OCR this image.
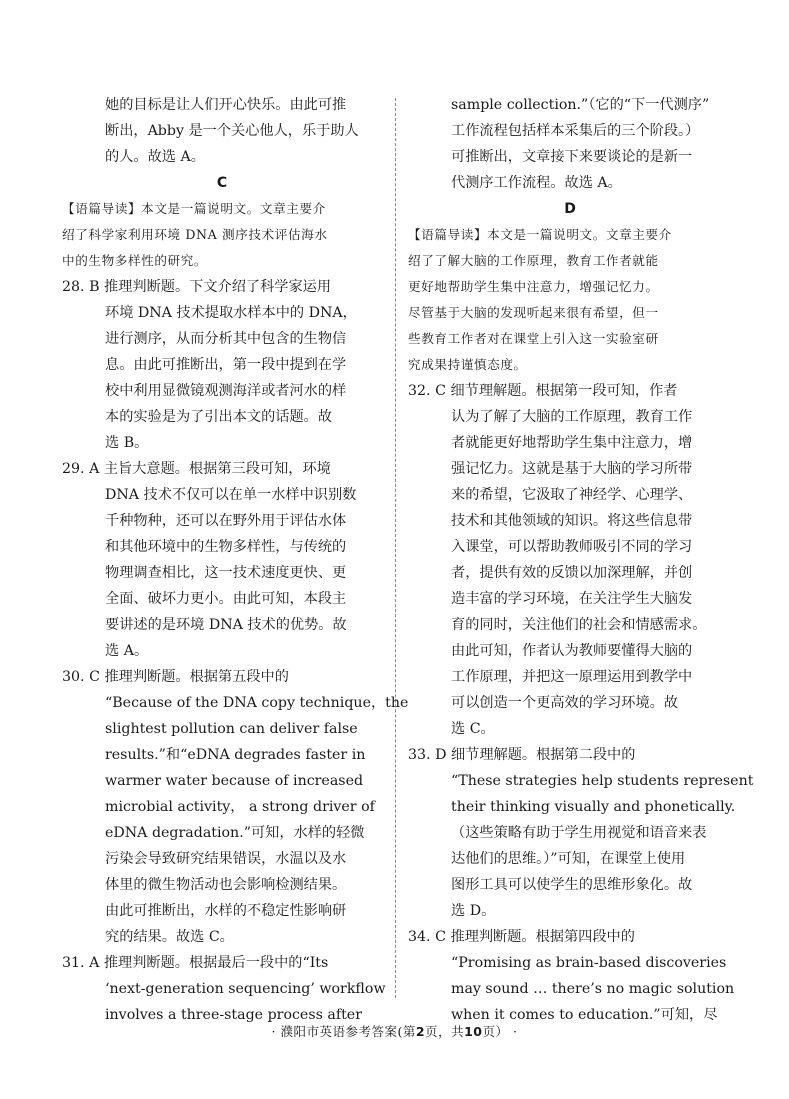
她的目标是让人们开心快乐。由此可推
断出，Abby 是一个关心他人，乐于助人
的人。故选 A。
C
【语篇导读】本文是一篇说明文。文章主要介
绍了科学家利用环境 DNA 测序技术评估海水
中的生物多样性的研究。
28. B 推理判断题。下文介绍了科学家运用
环境 DNA 技术提取水样本中的 DNA，
进行测序，从而分析其中包含的生物信
息。由此可推断出，第一段中提到在学
校中利用显微镜观测海洋或者河水的样
本的实验是为了引出本文的话题。故
选 B。
29. A 主旨大意题。根据第三段可知，环境
DNA 技术不仅可以在单一水样中识别数
千种物种，还可以在野外用于评估水体
和其他环境中的生物多样性，与传统的
物理调查相比，这一技术速度更快、更
全面、破坏力更小。由此可知，本段主
要讲述的是环境 DNA 技术的优势。故
选 A。
30. C 推理判断题。根据第五段中的
“Because of the DNA copy technique，the
slightest pollution can deliver false
results.”和“eDNA degrades faster in
warmer water because of increased
microbial activity， a strong driver of
eDNA degradation.”可知，水样的轻微
污染会导致研究结果错误，水温以及水
体里的微生物活动也会影响检测结果。
由此可推断出，水样的不稳定性影响研
究的结果。故选 C。
31. A 推理判断题。根据最后一段中的“Its
‘next-generation sequencing’ workflow
involves a three-stage process after
sample collection.”（它的“下一代测序”
工作流程包括样本采集后的三个阶段。）
可推断出，文章接下来要谈论的是新一
代测序工作流程。故选 A。
D
【语篇导读】本文是一篇说明文。文章主要介
绍了了解大脑的工作原理，教育工作者就能
更好地帮助学生集中注意力，增强记忆力。
尽管基于大脑的发现听起来很有希望，但一
些教育工作者对在课堂上引入这一实验室研
究成果持谨慎态度。
32. C 细节理解题。根据第一段可知，作者
认为了解了大脑的工作原理，教育工作
者就能更好地帮助学生集中注意力，增
强记忆力。这就是基于大脑的学习所带
来的希望，它汲取了神经学、心理学、
技术和其他领域的知识。将这些信息带
入课堂，可以帮助教师吸引不同的学习
者，提供有效的反馈以加深理解，并创
造丰富的学习环境，在关注学生大脑发
育的同时，关注他们的社会和情感需求。
由此可知，作者认为教师要懂得大脑的
工作原理，并把这一原理运用到教学中
可以创造一个更高效的学习环境。故
选 C。
33. D 细节理解题。根据第二段中的
“These strategies help students represent
their thinking visually and phonetically.
（这些策略有助于学生用视觉和语音来表
达他们的思维。）”可知，在课堂上使用
图形工具可以使学生的思维形象化。故
选 D。
34. C 推理判断题。根据第四段中的
“Promising as brain-based discoveries
may sound … there’s no magic solution
when it comes to education.”可知，尽
· 濮阳市英语参考答案(第2页，共10页） ·
